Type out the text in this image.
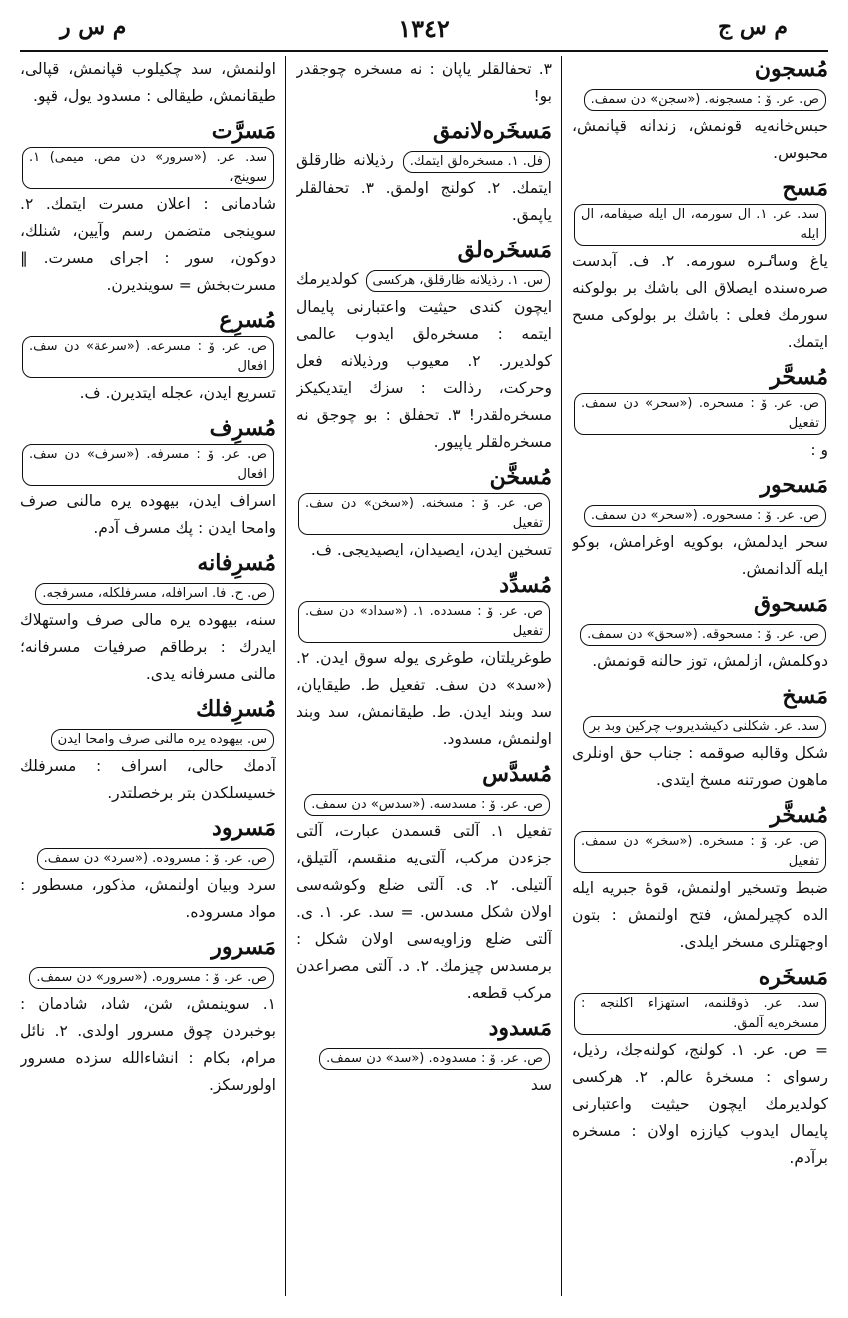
م س ج
١٣٤٢
م س ر

مُسجونص. عر. ۆ : مسجونه. («سجن» دن سمف. حبس‌خانه‌یه قونمش، زندانه قپانمش، محبوس.

مَسحسد. عر. ۱. ال سورمه، ال ایله صیفامه، ال ایله یاغ وساٸره سورمه. ۲. ف. آبدست صره‌سنده ایصلاق الی باشك بر بولوكنه سورمك فعلی : باشك بر بولوكی مسح ایتمك.

مُسحَّرص. عر. ۆ : مسحره. («سحر» دن سمف. تفعیل و :

مَسحورص. عر. ۆ : مسحوره. («سحر» دن سمف. سحر ایدلمش، بوكویه اوغرامش، بوكو ایله آلدانمش.

مَسحوقص. عر. ۆ : مسحوقه. («سحق» دن سمف. دوكلمش، ازلمش، توز حالنه قونمش.

مَسخسد. عر. شكلنی دكیشدیروب چركین وبد بر شكل وقالبه صوقمه : جناب حق اونلری ماهون صورتنه مسخ ایتدی.

مُسخَّرص. عر. ۆ : مسخره. («سخر» دن سمف. تفعیل ضبط وتسخیر اولنمش، قوهٔ جبریه ایله الده كچیرلمش، فتح اولنمش : بتون اوجهتلری مسخر ایلدی.

مَسخَرهسد. عر. ذوقلنمه، استهزاء اكلنجه : مسخره‌یه آلمق. = ص. عر. ۱. كولنج، كولنه‌جك، رذیل، رسوای : مسخرهٔ عالم. ۲. هركسی كولدیرمك ایچون حیثیت واعتبارنی پایمال ایدوب كیاززه اولان : مسخره برآدم.

۳. تحفالقلر یاپان : نه مسخره چوجقدر بو!

مَسخَره‌لانمقفل. ۱. مسخره‌لق ایتمك. رذیلانه ظارقلق ایتمك. ۲. كولنج اولمق. ۳. تحفالقلر یاپمق.

مَسخَره‌لقس. ۱. رذیلانه ظارقلق، هركسی كولدیرمك ایچون كندی حیثیت واعتبارنی پایمال ایتمه : مسخره‌لق ایدوب عالمی كولدیرر. ۲. معیوب ورذیلانه فعل وحركت، رذالت : سزك ایتدیكیكز مسخره‌لقدر! ۳. تحفلق : بو چوجق نه مسخره‌لقلر یاپیور.

مُسخَّنص. عر. ۆ : مسخنه. («سخن» دن سف. تفعیل تسخین ایدن، ایصیدان، ایصیدیجی. ف.

مُسدِّدص. عر. ۆ : مسدده. ۱. («سداد» دن سف. تفعیل طوغریلتان، طوغری یوله سوق ایدن. ۲. («سد» دن سف. تفعیل ط. طیقایان، سد وبند ایدن. ط. طیقانمش، سد وبند اولنمش، مسدود.

مُسدَّسص. عر. ۆ : مسدسه. («سدس» دن سمف. تفعیل ۱. آلتی قسمدن عبارت، آلتی جزءدن مركب، آلتی‌یه منقسم، آلتیلق، آلتیلی. ۲. ی. آلتی ضلع وكوشه‌سی اولان شكل مسدس. = سد. عر. ۱. ی. آلتی ضلع وزاویه‌سی اولان شكل : برمسدس چیزمك. ۲. د. آلتی مصراعدن مركب قطعه.

مَسدودص. عر. ۆ : مسدوده. («سد» دن سمف. سد

اولنمش، سد چكیلوب قپانمش، قپالی، طیقانمش، طیقالی : مسدود یول، قپو.

مَسرَّتسد. عر. («سرور» دن مص. میمی) ۱. سوینج، شادمانی : اعلان مسرت ایتمك. ۲. سوینجی متضمن رسم وآیین، شنلك، دوكون، سور : اجرای مسرت. ‖ مسرت‌بخش = سوینديرن.

مُسرِعص. عر. ۆ : مسرعه. («سرعة» دن سف. افعال تسریع ایدن، عجله ایتدیرن. ف.

مُسرِفص. عر. ۆ : مسرفه. («سرف» دن سف. افعال اسراف ایدن، بیهوده یره مالنی صرف وامحا ایدن : پك مسرف آدم.

مُسرِفانهص. ح. فا. اسرافله، مسرفلكله، مسرفجه. سنه، بیهوده یره مالی صرف واستهلاك ایدرك : برطاقم صرفیات مسرفانه؛ مالنی مسرفانه یدی.

مُسرِفلكس. بیهوده یره مالنی صرف وامحا ایدن آدمك حالی، اسراف : مسرفلك خسیسلكدن بتر برخصلتدر.

مَسرودص. عر. ۆ : مسروده. («سرد» دن سمف. سرد وبیان اولنمش، مذكور، مسطور : مواد مسروده.

مَسرورص. عر. ۆ : مسروره. («سرور» دن سمف. ۱. سوینمش، شن، شاد، شادمان : بوخبردن چوق مسرور اولدی. ۲. نائل مرام، بكام : انشاءالله سزده مسرور اولورسكز.
